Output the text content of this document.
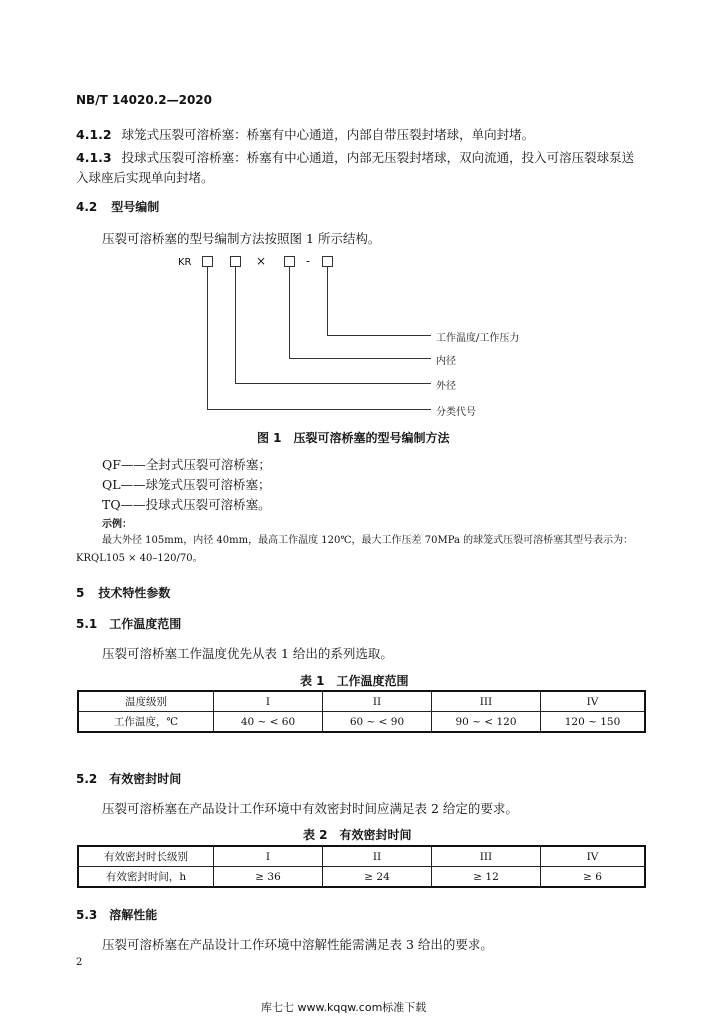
NB/T 14020.2—2020
4.1.2 球笼式压裂可溶桥塞：桥塞有中心通道，内部自带压裂封堵球，单向封堵。
4.1.3 投球式压裂可溶桥塞：桥塞有中心通道，内部无压裂封堵球，双向流通，投入可溶压裂球泵送
入球座后实现单向封堵。
4.2 型号编制
压裂可溶桥塞的型号编制方法按照图 1 所示结构。
KR	×	-
工作温度/工作压力
内径
外径
分类代号
图 1 压裂可溶桥塞的型号编制方法
QF——全封式压裂可溶桥塞；
QL——球笼式压裂可溶桥塞；
TQ——投球式压裂可溶桥塞。
示例：
最大外径 105mm，内径 40mm，最高工作温度 120℃，最大工作压差 70MPa 的球笼式压裂可溶桥塞其型号表示为：
KRQL105 × 40–120/70。
5 技术特性参数
5.1 工作温度范围
压裂可溶桥塞工作温度优先从表 1 给出的系列选取。
表 1 工作温度范围
温度级别	I	II	III	IV
工作温度，℃	40 ~ < 60	60 ~ < 90	90 ~ < 120	120 ~ 150
5.2 有效密封时间
压裂可溶桥塞在产品设计工作环境中有效密封时间应满足表 2 给定的要求。
表 2 有效密封时间
有效密封时长级别	I	II	III	IV
有效密封时间，h	≥ 36	≥ 24	≥ 12	≥ 6
5.3 溶解性能
压裂可溶桥塞在产品设计工作环境中溶解性能需满足表 3 给出的要求。
2
库七七 www.kqqw.com标准下载
